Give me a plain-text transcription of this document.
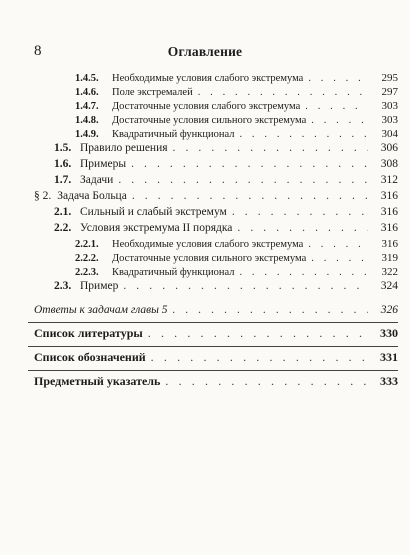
8	Оглавление
1.4.5.	Необходимые условия слабого экстремума . . .	295
1.4.6.	Поле экстремалей . . .	297
1.4.7.	Достаточные условия слабого экстремума . . .	303
1.4.8.	Достаточные условия сильного экстремума . . .	303
1.4.9.	Квадратичный функционал . . .	304
1.5. Правило решения . . .	306
1.6. Примеры . . .	308
1.7. Задачи . . .	312
§ 2. Задача Больца . . .	316
2.1. Сильный и слабый экстремум . . .	316
2.2. Условия экстремума II порядка . . .	316
2.2.1.	Необходимые условия слабого экстремума . . .	316
2.2.2.	Достаточные условия сильного экстремума . . .	319
2.2.3.	Квадратичный функционал . . .	322
2.3. Пример . . .	324
Ответы к задачам главы 5 . . .	326
Список литературы . . .	330
Список обозначений . . .	331
Предметный указатель . . .	333
